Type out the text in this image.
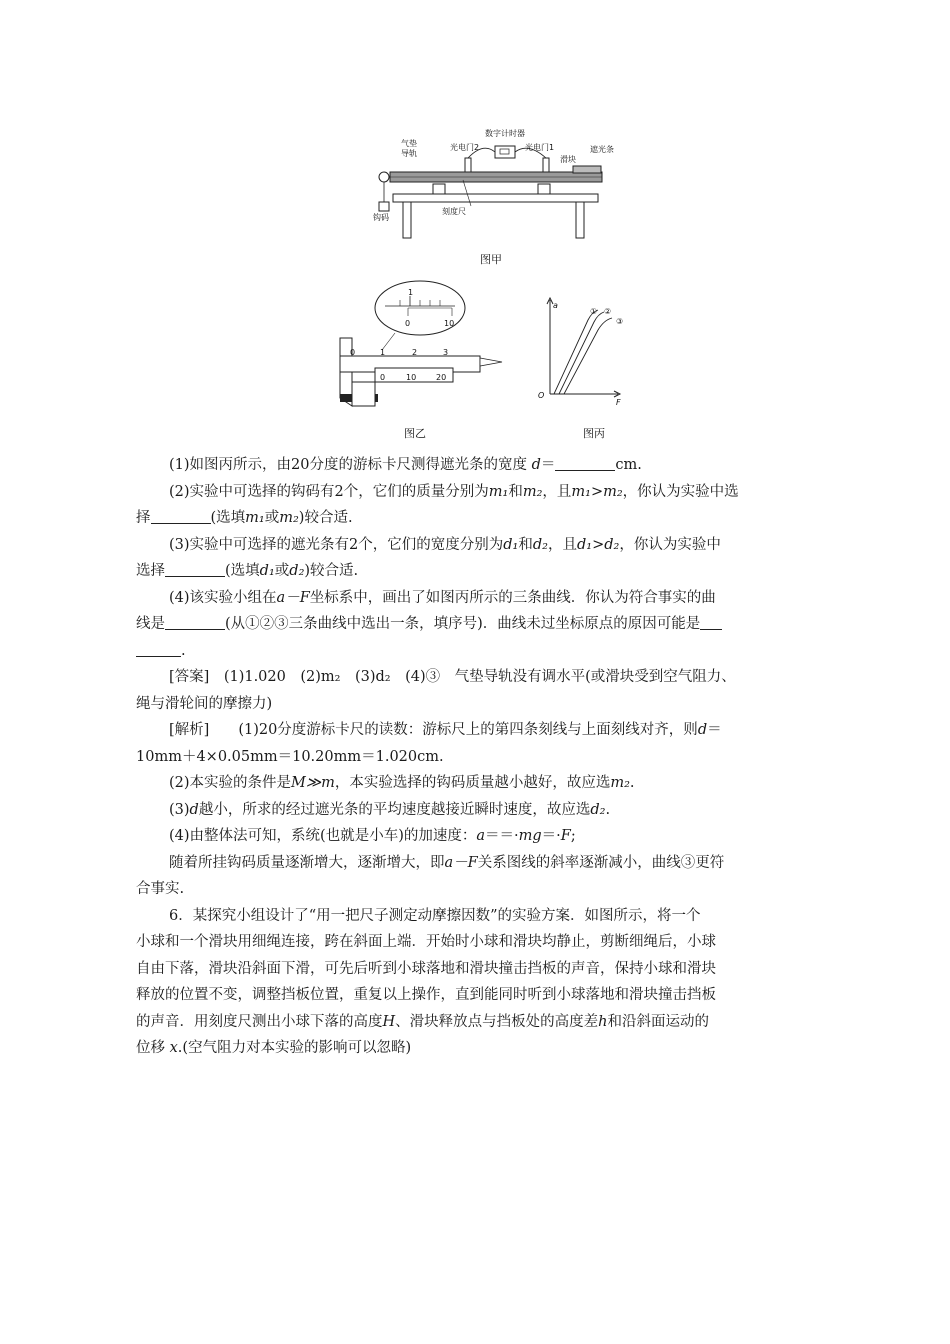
气垫
导轨
数字计时器
光电门2	光电门1
滑块
遮光条
钩码
刻度尺
图甲
1
0	10
0	1	2	3
0	10 20
图乙
a
F
O
① ②
③
图丙
(1)如图丙所示，由20分度的游标卡尺测得遮光条的宽度 d＝	cm.
(2)实验中可选择的钩码有2个，它们的质量分别为m₁和m₂，且m₁>m₂，你认为实验中选
择	(选填m₁或m₂)较合适.
(3)实验中可选择的遮光条有2个，它们的宽度分别为d₁和d₂，且d₁>d₂，你认为实验中
选择	(选填d₁或d₂)较合适.
(4)该实验小组在a－F坐标系中，画出了如图丙所示的三条曲线．你认为符合事实的曲
线是	(从①②③三条曲线中选出一条，填序号)．曲线未过坐标原点的原因可能是
.
[答案]　(1)1.020　(2)m₂　(3)d₂　(4)③　气垫导轨没有调水平(或滑块受到空气阻力、
绳与滑轮间的摩擦力)
[解析]　　(1)20分度游标卡尺的读数：游标尺上的第四条刻线与上面刻线对齐，则d＝
10mm＋4×0.05mm＝10.20mm＝1.020cm.
(2)本实验的条件是M≫m，本实验选择的钩码质量越小越好，故应选m₂.
(3)d越小，所求的经过遮光条的平均速度越接近瞬时速度，故应选d₂.
(4)由整体法可知，系统(也就是小车)的加速度：a＝＝·mg＝·F;
随着所挂钩码质量逐渐增大，逐渐增大，即a－F关系图线的斜率逐渐减小，曲线③更符
合事实.
6．某探究小组设计了“用一把尺子测定动摩擦因数”的实验方案．如图所示，将一个
小球和一个滑块用细绳连接，跨在斜面上端．开始时小球和滑块均静止，剪断细绳后，小球
自由下落，滑块沿斜面下滑，可先后听到小球落地和滑块撞击挡板的声音，保持小球和滑块
释放的位置不变，调整挡板位置，重复以上操作，直到能同时听到小球落地和滑块撞击挡板
的声音．用刻度尺测出小球下落的高度H、滑块释放点与挡板处的高度差h和沿斜面运动的
位移 x.(空气阻力对本实验的影响可以忽略)
